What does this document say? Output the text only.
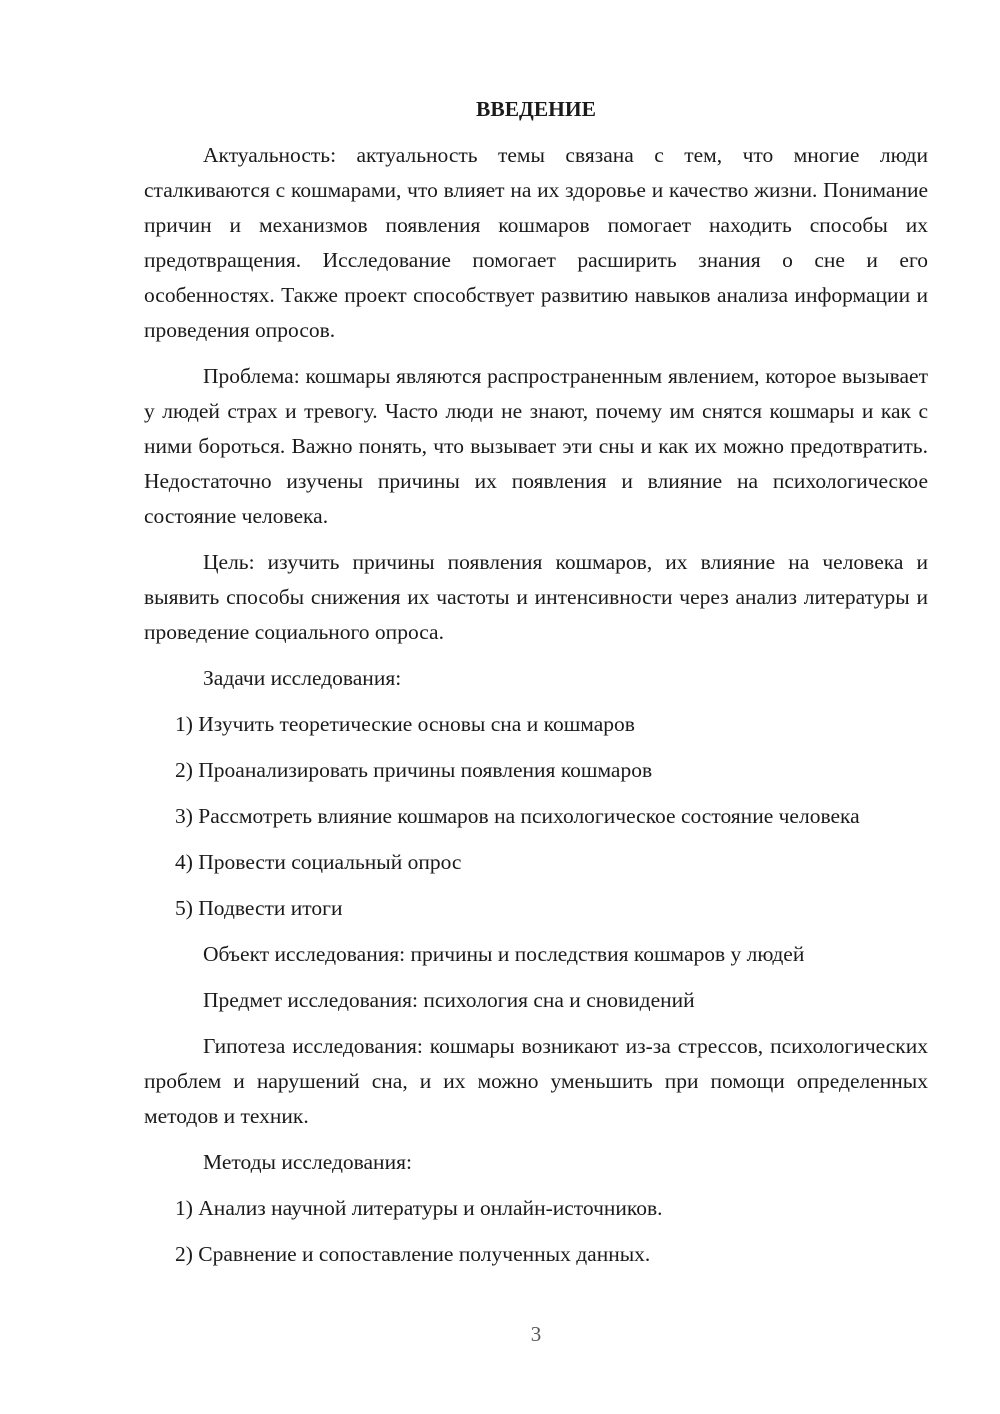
ВВЕДЕНИЕ
Актуальность: актуальность темы связана с тем, что многие люди сталкиваются с кошмарами, что влияет на их здоровье и качество жизни. Понимание причин и механизмов появления кошмаров помогает находить способы их предотвращения. Исследование помогает расширить знания о сне и его особенностях. Также проект способствует развитию навыков анализа информации и проведения опросов.
Проблема: кошмары являются распространенным явлением, которое вызывает у людей страх и тревогу. Часто люди не знают, почему им снятся кошмары и как с ними бороться. Важно понять, что вызывает эти сны и как их можно предотвратить. Недостаточно изучены причины их появления и влияние на психологическое состояние человека.
Цель: изучить причины появления кошмаров, их влияние на человека и выявить способы снижения их частоты и интенсивности через анализ литературы и проведение социального опроса.
Задачи исследования:
1) Изучить теоретические основы сна и кошмаров
2) Проанализировать причины появления кошмаров
3) Рассмотреть влияние кошмаров на психологическое состояние человека
4) Провести социальный опрос
5) Подвести итоги
Объект исследования: причины и последствия кошмаров у людей
Предмет исследования: психология сна и сновидений
Гипотеза исследования: кошмары возникают из-за стрессов, психологических проблем и нарушений сна, и их можно уменьшить при помощи определенных методов и техник.
Методы исследования:
1) Анализ научной литературы и онлайн-источников.
2) Сравнение и сопоставление полученных данных.
3
